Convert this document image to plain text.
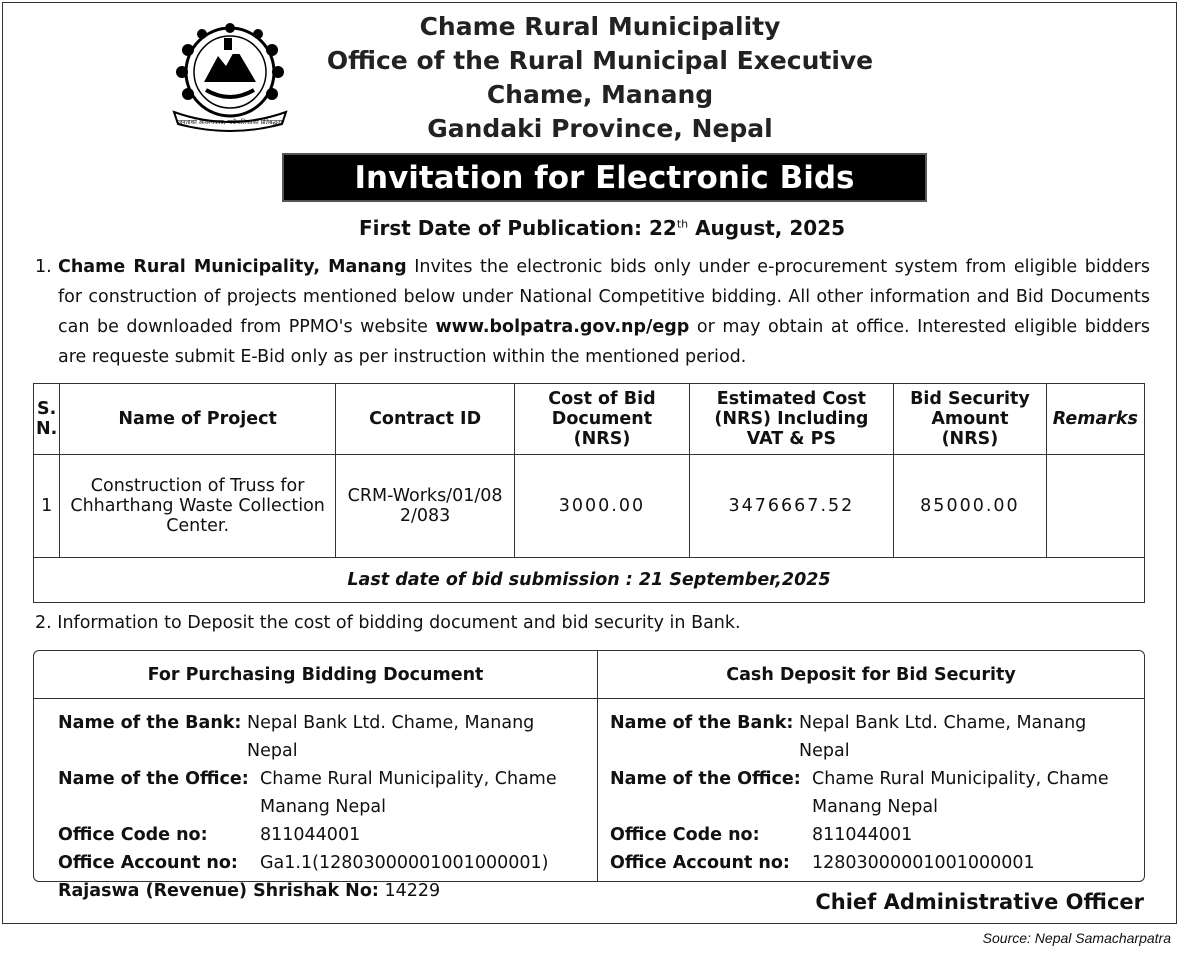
जनताको आवश्यकता, गाउँपालिकाको प्रतिबद्धता
Chame Rural Municipality
Office of the Rural Municipal Executive
Chame, Manang
Gandaki Province, Nepal
Invitation for Electronic Bids
First Date of Publication: 22th August, 2025
1. Chame Rural Municipality, Manang Invites the electronic bids only under e-procurement system from eligible bidders for construction of projects mentioned below under National Competitive bidding. All other information and Bid Documents can be downloaded from PPMO's website www.bolpatra.gov.np/egp or may obtain at office. Interested eligible bidders are requeste submit E-Bid only as per instruction within the mentioned period.
S. N.	Name of Project	Contract ID	Cost of Bid Document (NRS)	Estimated Cost (NRS) Including VAT & PS	Bid Security Amount (NRS)	Remarks
1	Construction of Truss for Chharthang Waste Collection Center.	CRM-Works/01/082/083	3000.00	3476667.52	85000.00	
Last date of bid submission : 21 September,2025						
2. Information to Deposit the cost of bidding document and bid security in Bank.
For Purchasing Bidding Document	Cash Deposit for Bid Security
Name of the Bank:
Nepal Bank Ltd. Chame, Manang Nepal
Name of the Office: Chame Rural Municipality, Chame Manang Nepal
Office Code no:	811044001
Office Account no:	Ga1.1(12803000001001000001)
Rajaswa (Revenue) Shrishak No:
14229
Name of the Bank:
Nepal Bank Ltd. Chame, Manang Nepal
Name of the Office: Chame Rural Municipality, Chame Manang Nepal
Office Code no:	811044001
Office Account no:	12803000001001000001
Chief Administrative Officer
Source: Nepal Samacharpatra
